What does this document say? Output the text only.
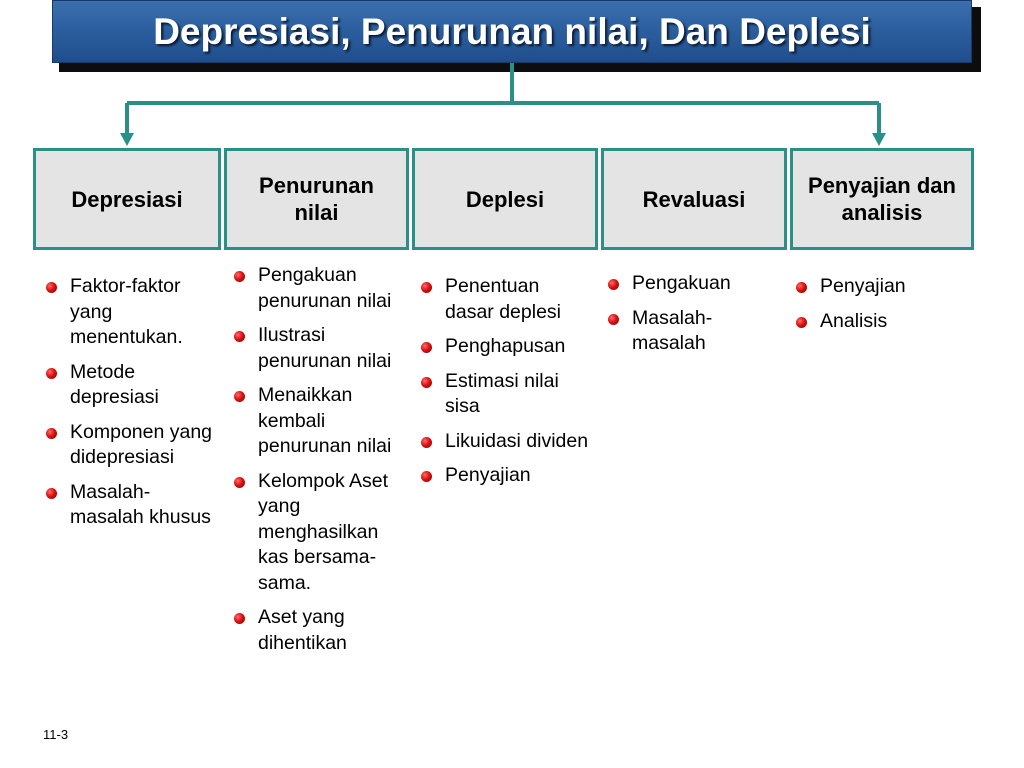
Depresiasi, Penurunan nilai, Dan Deplesi
Depresiasi
Penurunan nilai
Deplesi	Revaluasi
Penyajian dan analisis
Faktor-faktor yang menentukan.
Metode depresiasi
Komponen yang didepresiasi
Masalah-masalah khusus
Pengakuan penurunan nilai
Ilustrasi penurunan nilai
Menaikkan kembali penurunan nilai
Kelompok Aset yang menghasilkan kas bersama-sama.
Aset yang dihentikan
Penentuan dasar deplesi
Penghapusan
Estimasi nilai sisa
Likuidasi dividen
Penyajian
Pengakuan
Masalah-masalah
Penyajian
Analisis
11-3
